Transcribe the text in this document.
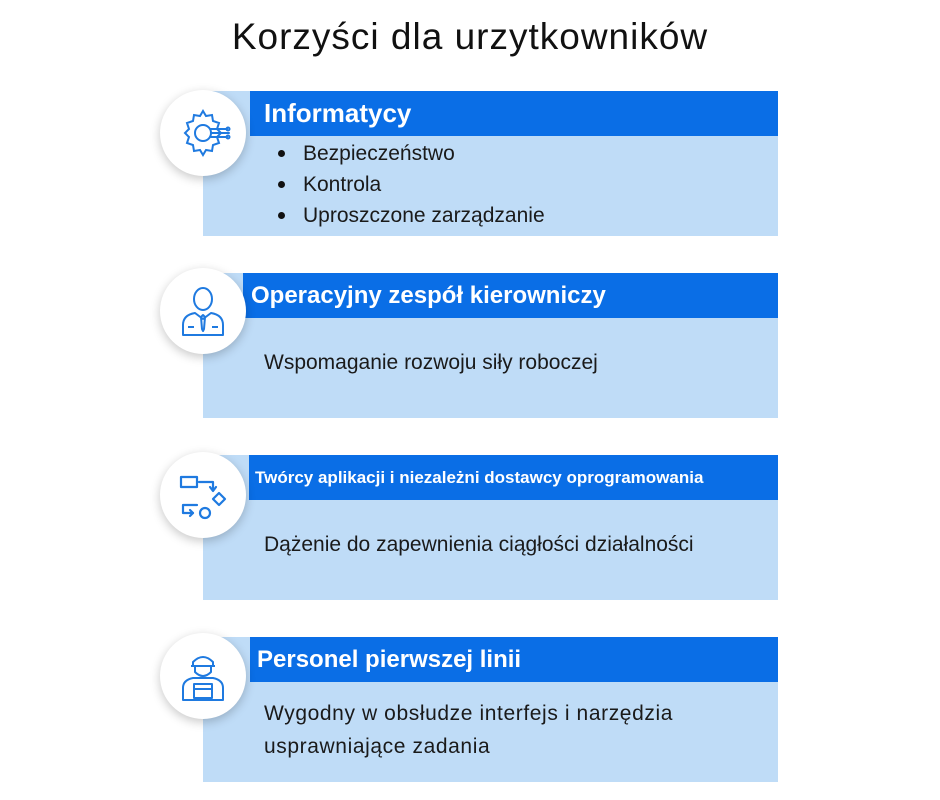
Korzyści dla urzytkowników
Informatycy
Bezpieczeństwo
Kontrola
Uproszczone zarządzanie
Operacyjny zespół kierowniczy
Wspomaganie rozwoju siły roboczej
Twórcy aplikacji i niezależni dostawcy oprogramowania
Dążenie do zapewnienia ciągłości działalności
Personel pierwszej linii
Wygodny w obsłudze interfejs i narzędzia
usprawniające zadania
